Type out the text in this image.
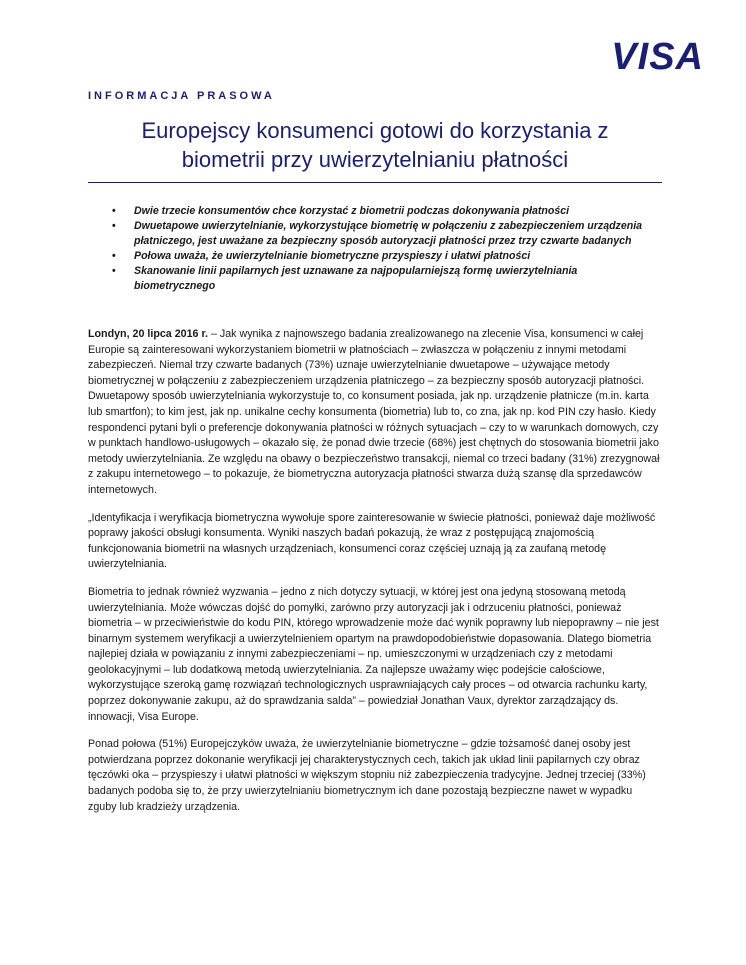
VISA
INFORMACJA PRASOWA
Europejscy konsumenci gotowi do korzystania z
biometrii przy uwierzytelnianiu płatności
• Dwie trzecie konsumentów chce korzystać z biometrii podczas dokonywania płatności
• Dwuetapowe uwierzytelnianie, wykorzystujące biometrię w połączeniu z zabezpieczeniem urządzenia płatniczego, jest uważane za bezpieczny sposób autoryzacji płatności przez trzy czwarte badanych
• Połowa uważa, że uwierzytelnianie biometryczne przyspieszy i ułatwi płatności
• Skanowanie linii papilarnych jest uznawane za najpopularniejszą formę uwierzytelniania biometrycznego

Londyn, 20 lipca 2016 r. – Jak wynika z najnowszego badania zrealizowanego na zlecenie Visa, konsumenci w całej Europie są zainteresowani wykorzystaniem biometrii w płatnościach – zwłaszcza w połączeniu z innymi metodami zabezpieczeń. Niemal trzy czwarte badanych (73%) uznaje uwierzytelnianie dwuetapowe – używające metody biometrycznej w połączeniu z zabezpieczeniem urządzenia płatniczego – za bezpieczny sposób autoryzacji płatności. Dwuetapowy sposób uwierzytelniania wykorzystuje to, co konsument posiada, jak np. urządzenie płatnicze (m.in. karta lub smartfon); to kim jest, jak np. unikalne cechy konsumenta (biometria) lub to, co zna, jak np. kod PIN czy hasło. Kiedy respondenci pytani byli o preferencje dokonywania płatności w różnych sytuacjach – czy to w warunkach domowych, czy w punktach handlowo-usługowych – okazało się, że ponad dwie trzecie (68%) jest chętnych do stosowania biometrii jako metody uwierzytelniania. Ze względu na obawy o bezpieczeństwo transakcji, niemal co trzeci badany (31%) zrezygnował z zakupu internetowego – to pokazuje, że biometryczna autoryzacja płatności stwarza dużą szansę dla sprzedawców internetowych.

„Identyfikacja i weryfikacja biometryczna wywołuje spore zainteresowanie w świecie płatności, ponieważ daje możliwość poprawy jakości obsługi konsumenta. Wyniki naszych badań pokazują, że wraz z postępującą znajomością funkcjonowania biometrii na własnych urządzeniach, konsumenci coraz częściej uznają ją za zaufaną metodę uwierzytelniania.

Biometria to jednak również wyzwania – jedno z nich dotyczy sytuacji, w której jest ona jedyną stosowaną metodą uwierzytelniania. Może wówczas dojść do pomyłki, zarówno przy autoryzacji jak i odrzuceniu płatności, ponieważ biometria – w przeciwieństwie do kodu PIN, którego wprowadzenie może dać wynik poprawny lub niepoprawny – nie jest binarnym systemem weryfikacji a uwierzytelnieniem opartym na prawdopodobieństwie dopasowania. Dlatego biometria najlepiej działa w powiązaniu z innymi zabezpieczeniami – np. umieszczonymi w urządzeniach czy z metodami geolokacyjnymi – lub dodatkową metodą uwierzytelniania. Za najlepsze uważamy więc podejście całościowe, wykorzystujące szeroką gamę rozwiązań technologicznych usprawniających cały proces – od otwarcia rachunku karty, poprzez dokonywanie zakupu, aż do sprawdzania salda” – powiedział Jonathan Vaux, dyrektor zarządzający ds. innowacji, Visa Europe.

Ponad połowa (51%) Europejczyków uważa, że uwierzytelnianie biometryczne – gdzie tożsamość danej osoby jest potwierdzana poprzez dokonanie weryfikacji jej charakterystycznych cech, takich jak układ linii papilarnych czy obraz tęczówki oka – przyspieszy i ułatwi płatności w większym stopniu niż zabezpieczenia tradycyjne. Jednej trzeciej (33%) badanych podoba się to, że przy uwierzytelnianiu biometrycznym ich dane pozostają bezpieczne nawet w wypadku zguby lub kradzieży urządzenia.
